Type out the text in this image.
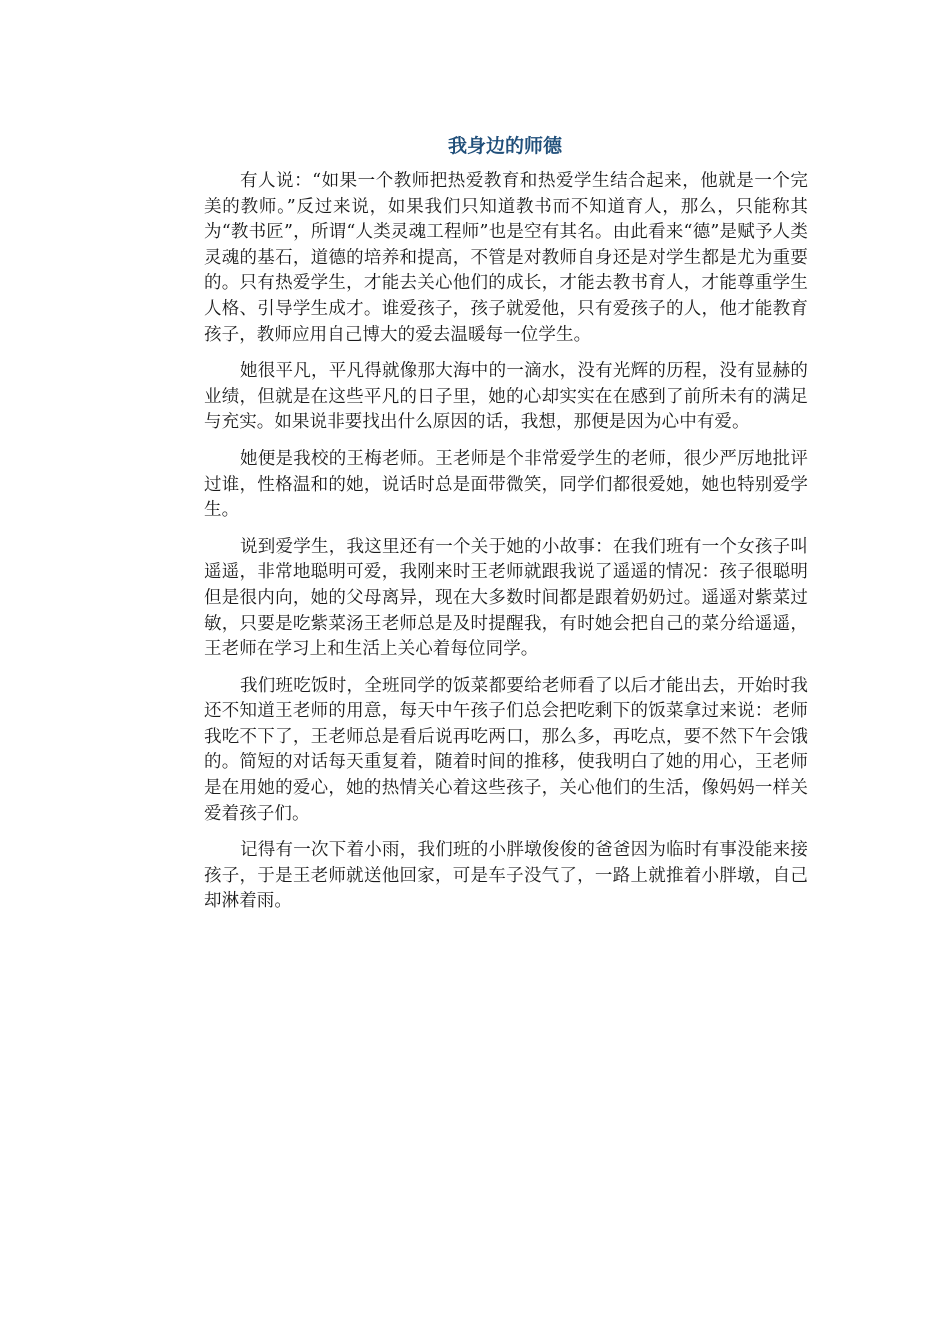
我身边的师德

有人说：“如果一个教师把热爱教育和热爱学生结合起来，他就是一个完美的教师。”反过来说，如果我们只知道教书而不知道育人，那么，只能称其为“教书匠”，所谓“人类灵魂工程师”也是空有其名。由此看来“德”是赋予人类灵魂的基石，道德的培养和提高，不管是对教师自身还是对学生都是尤为重要的。只有热爱学生，才能去关心他们的成长，才能去教书育人，才能尊重学生人格、引导学生成才。谁爱孩子，孩子就爱他，只有爱孩子的人，他才能教育孩子，教师应用自己博大的爱去温暖每一位学生。

她很平凡，平凡得就像那大海中的一滴水，没有光辉的历程，没有显赫的业绩，但就是在这些平凡的日子里，她的心却实实在在感到了前所未有的满足与充实。如果说非要找出什么原因的话，我想，那便是因为心中有爱。

她便是我校的王梅老师。王老师是个非常爱学生的老师，很少严厉地批评过谁，性格温和的她，说话时总是面带微笑，同学们都很爱她，她也特别爱学生。

说到爱学生，我这里还有一个关于她的小故事：在我们班有一个女孩子叫遥遥，非常地聪明可爱，我刚来时王老师就跟我说了遥遥的情况：孩子很聪明但是很内向，她的父母离异，现在大多数时间都是跟着奶奶过。遥遥对紫菜过敏，只要是吃紫菜汤王老师总是及时提醒我，有时她会把自己的菜分给遥遥，王老师在学习上和生活上关心着每位同学。

我们班吃饭时，全班同学的饭菜都要给老师看了以后才能出去，开始时我还不知道王老师的用意，每天中午孩子们总会把吃剩下的饭菜拿过来说：老师我吃不下了，王老师总是看后说再吃两口，那么多，再吃点，要不然下午会饿的。简短的对话每天重复着，随着时间的推移，使我明白了她的用心，王老师是在用她的爱心，她的热情关心着这些孩子，关心他们的生活，像妈妈一样关爱着孩子们。

记得有一次下着小雨，我们班的小胖墩俊俊的爸爸因为临时有事没能来接孩子，于是王老师就送他回家，可是车子没气了，一路上就推着小胖墩，自己却淋着雨。
